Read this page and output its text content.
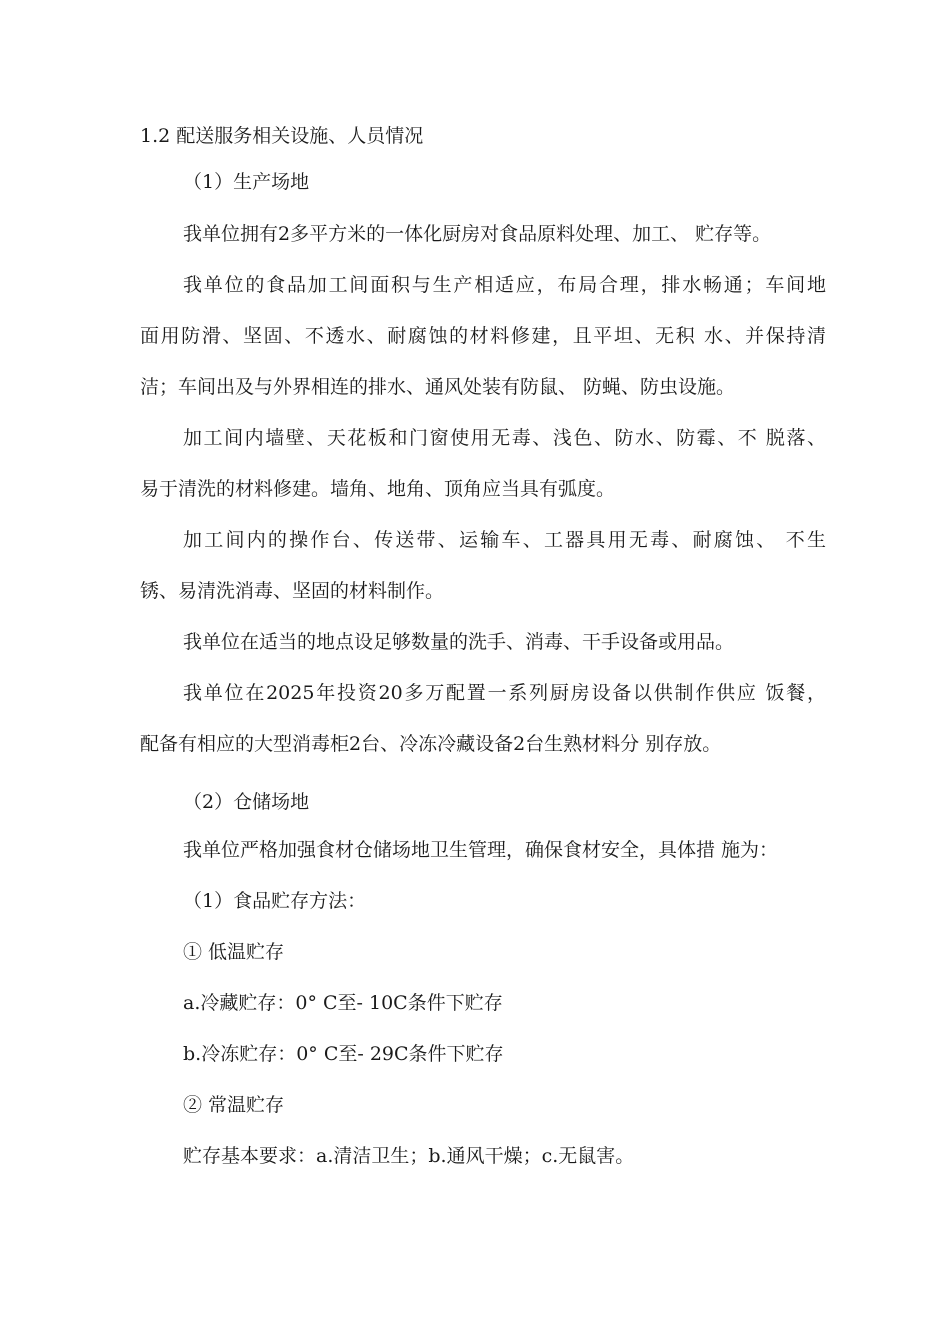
1.2 配送服务相关设施、人员情况
（1）生产场地
我单位拥有2多平方米的一体化厨房对食品原料处理、加工、 贮存等。
我单位的食品加工间面积与生产相适应，布局合理，排水畅通；车间地
面用防滑、坚固、不透水、耐腐蚀的材料修建，且平坦、无积 水、并保持清
洁；车间出及与外界相连的排水、通风处装有防鼠、 防蝇、防虫设施。
加工间内墙壁、天花板和门窗使用无毒、浅色、防水、防霉、不 脱落、
易于清洗的材料修建。墙角、地角、顶角应当具有弧度。
加工间内的操作台、传送带、运输车、工器具用无毒、耐腐蚀、 不生
锈、易清洗消毒、坚固的材料制作。
我单位在适当的地点设足够数量的洗手、消毒、干手设备或用品。
我单位在2025年投资20多万配置一系列厨房设备以供制作供应 饭餐，
配备有相应的大型消毒柜2台、冷冻冷藏设备2台生熟材料分 别存放。
（2）仓储场地
我单位严格加强食材仓储场地卫生管理，确保食材安全，具体措 施为：
（1）食品贮存方法：
① 低温贮存
a.冷藏贮存：0° C至- 10C条件下贮存
b.冷冻贮存：0° C至- 29C条件下贮存
② 常温贮存
贮存基本要求：a.清洁卫生；b.通风干燥；c.无鼠害。
